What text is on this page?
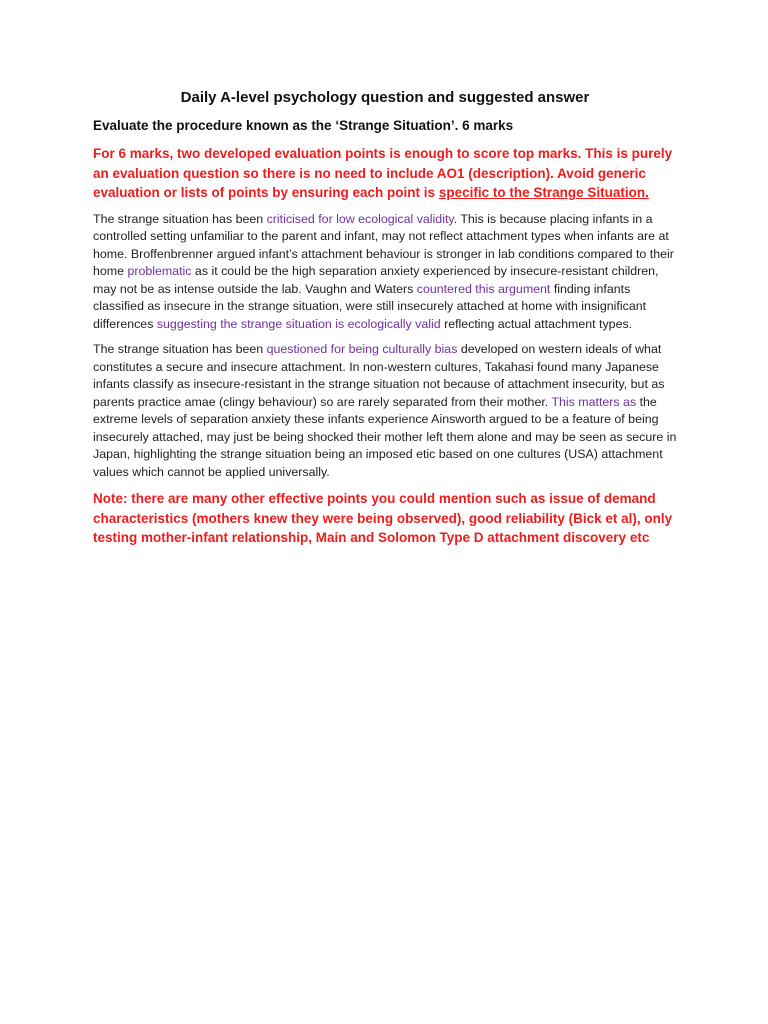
Daily A-level psychology question and suggested answer

Evaluate the procedure known as the ‘Strange Situation’. 6 marks

For 6 marks, two developed evaluation points is enough to score top marks. This is purely an evaluation question so there is no need to include AO1 (description). Avoid generic evaluation or lists of points by ensuring each point is specific to the Strange Situation.

The strange situation has been criticised for low ecological validity. This is because placing infants in a controlled setting unfamiliar to the parent and infant, may not reflect attachment types when infants are at home. Broffenbrenner argued infant’s attachment behaviour is stronger in lab conditions compared to their home problematic as it could be the high separation anxiety experienced by insecure-resistant children, may not be as intense outside the lab. Vaughn and Waters countered this argument finding infants classified as insecure in the strange situation, were still insecurely attached at home with insignificant differences suggesting the strange situation is ecologically valid reflecting actual attachment types.

The strange situation has been questioned for being culturally bias developed on western ideals of what constitutes a secure and insecure attachment. In non-western cultures, Takahasi found many Japanese infants classify as insecure-resistant in the strange situation not because of attachment insecurity, but as parents practice amae (clingy behaviour) so are rarely separated from their mother. This matters as the extreme levels of separation anxiety these infants experience Ainsworth argued to be a feature of being insecurely attached, may just be being shocked their mother left them alone and may be seen as secure in Japan, highlighting the strange situation being an imposed etic based on one cultures (USA) attachment values which cannot be applied universally.

Note: there are many other effective points you could mention such as issue of demand characteristics (mothers knew they were being observed), good reliability (Bick et al), only testing mother-infant relationship, Main and Solomon Type D attachment discovery etc
